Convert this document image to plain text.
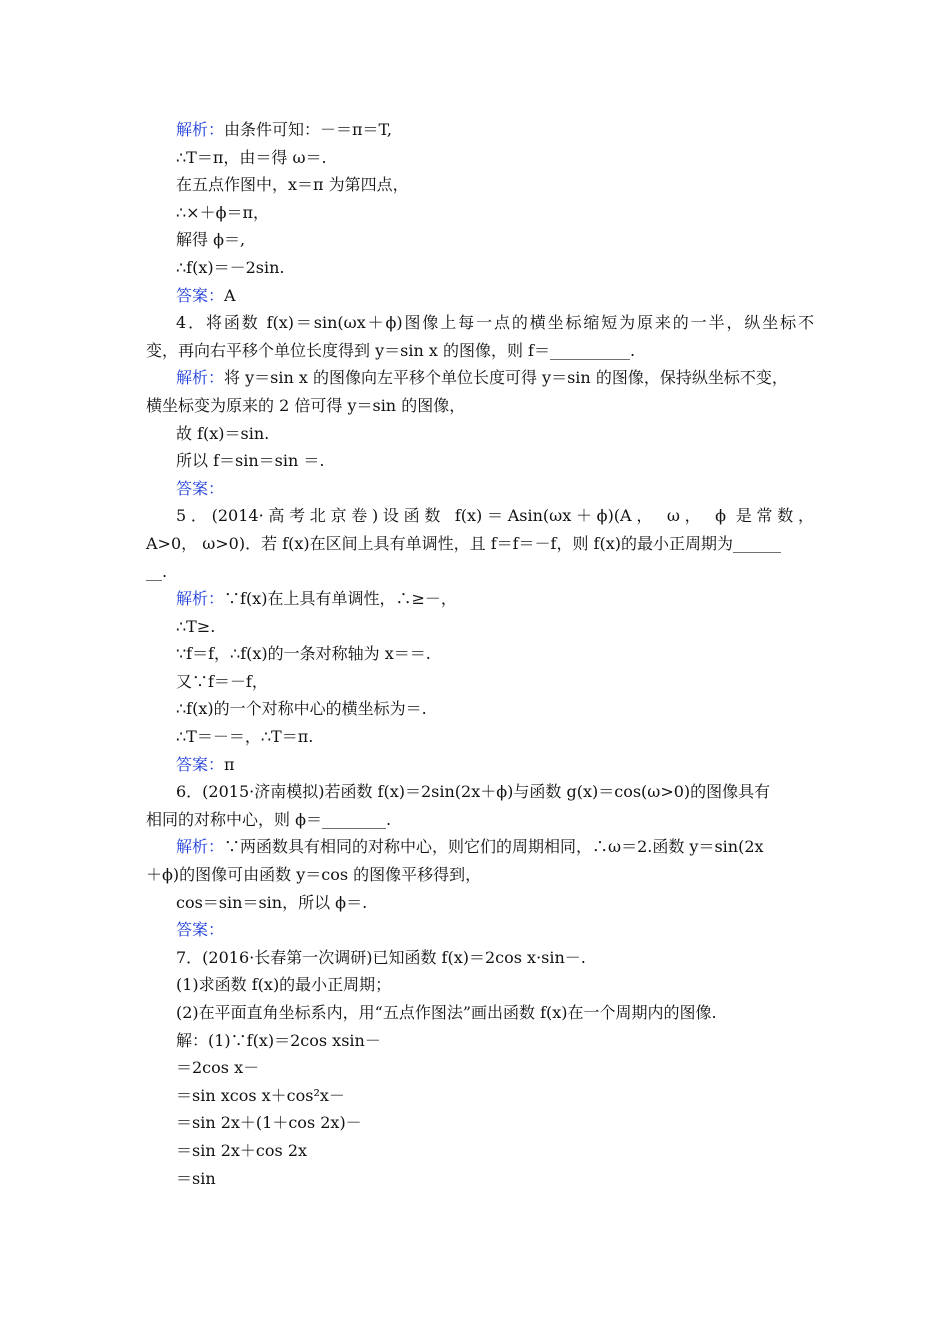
解析：由条件可知：－＝π＝T,
∴T＝π，由＝得 ω＝.
在五点作图中，x＝π 为第四点，
∴×＋ϕ＝π，
解得 ϕ＝,
∴f(x)＝－2sin.
答案：A
4．将函数 f(x)＝sin(ωx＋ϕ)图像上每一点的横坐标缩短为原来的一半，纵坐标不
变，再向右平移个单位长度得到 y＝sin x 的图像，则 f＝__________.
解析：将 y＝sin x 的图像向左平移个单位长度可得 y＝sin 的图像，保持纵坐标不变，
横坐标变为原来的 2 倍可得 y＝sin 的图像，
故 f(x)＝sin.
所以 f＝sin＝sin ＝.
答案：
5．(2014·高考北京卷)设函数 f(x)＝Asin(ωx＋ϕ)(A， ω， ϕ 是常数，
A>0， ω>0)．若 f(x)在区间上具有单调性，且 f＝f＝－f，则 f(x)的最小正周期为______
__.
解析：∵f(x)在上具有单调性，∴≥－，
∴T≥.
∵f＝f，∴f(x)的一条对称轴为 x＝＝.
又∵f＝－f，
∴f(x)的一个对称中心的横坐标为＝.
∴T＝－＝，∴T＝π.
答案：π
6．(2015·济南模拟)若函数 f(x)＝2sin(2x＋ϕ)与函数 g(x)＝cos(ω>0)的图像具有
相同的对称中心，则 ϕ＝________.
解析：∵两函数具有相同的对称中心，则它们的周期相同，∴ω＝2.函数 y＝sin(2x
＋ϕ)的图像可由函数 y＝cos 的图像平移得到，
cos＝sin＝sin，所以 ϕ＝.
答案：
7．(2016·长春第一次调研)已知函数 f(x)＝2cos x·sin－.
(1)求函数 f(x)的最小正周期；
(2)在平面直角坐标系内，用“五点作图法”画出函数 f(x)在一个周期内的图像.
解：(1)∵f(x)＝2cos xsin－
＝2cos x－
＝sin xcos x＋cos²x－
＝sin 2x＋(1＋cos 2x)－
＝sin 2x＋cos 2x
＝sin
